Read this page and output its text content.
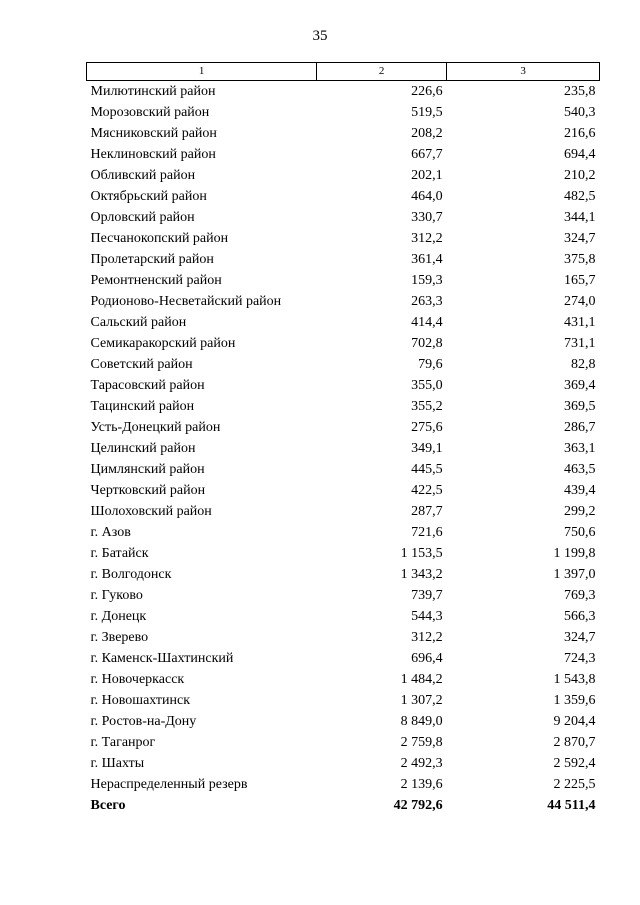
35
1	2	3
Милютинский район	226,6	235,8
Морозовский район	519,5	540,3
Мясниковский район	208,2	216,6
Неклиновский район	667,7	694,4
Обливский район	202,1	210,2
Октябрьский район	464,0	482,5
Орловский район	330,7	344,1
Песчанокопский район	312,2	324,7
Пролетарский район	361,4	375,8
Ремонтненский район	159,3	165,7
Родионово-Несветайский район	263,3	274,0
Сальский район	414,4	431,1
Семикаракорский район	702,8	731,1
Советский район	79,6	82,8
Тарасовский район	355,0	369,4
Тацинский район	355,2	369,5
Усть-Донецкий район	275,6	286,7
Целинский район	349,1	363,1
Цимлянский район	445,5	463,5
Чертковский район	422,5	439,4
Шолоховский район	287,7	299,2
г. Азов	721,6	750,6
г. Батайск	1 153,5	1 199,8
г. Волгодонск	1 343,2	1 397,0
г. Гуково	739,7	769,3
г. Донецк	544,3	566,3
г. Зверево	312,2	324,7
г. Каменск-Шахтинский	696,4	724,3
г. Новочеркасск	1 484,2	1 543,8
г. Новошахтинск	1 307,2	1 359,6
г. Ростов-на-Дону	8 849,0	9 204,4
г. Таганрог	2 759,8	2 870,7
г. Шахты	2 492,3	2 592,4
Нераспределенный резерв	2 139,6	2 225,5
Всего	42 792,6	44 511,4
